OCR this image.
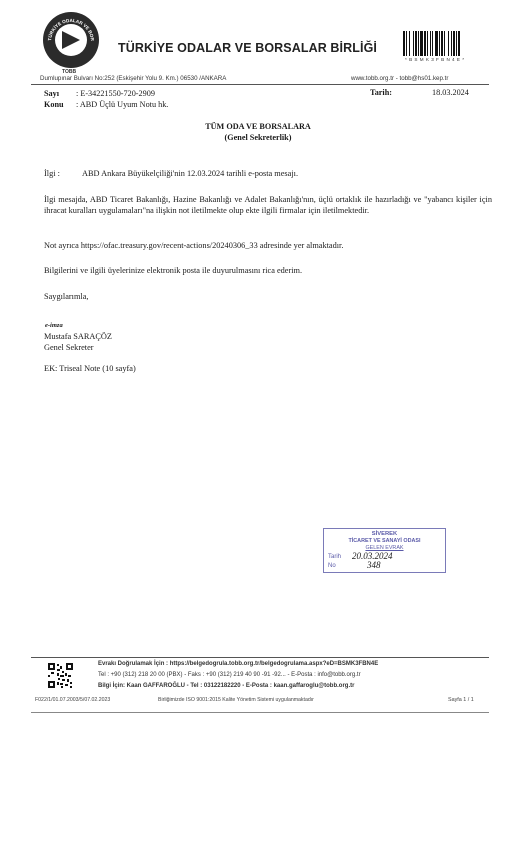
TÜRKİYE ODALAR VE BOR
TOBB
TÜRKİYE ODALAR VE BORSALAR BİRLİĞİ
* B S M K 3 F B N 4 E *
Dumlupınar Bulvarı No:252 (Eskişehir Yolu 9. Km.) 06530 /ANKARA	www.tobb.org.tr - tobb@hs01.kep.tr
Sayı : E-34221550-720-2909	Tarih:	18.03.2024
Konu : ABD Üçlü Uyum Notu hk.
TÜM ODA VE BORSALARA
(Genel Sekreterlik)
İlgi :	ABD Ankara Büyükelçiliği'nin 12.03.2024 tarihli e-posta mesajı.
İlgi mesajda, ABD Ticaret Bakanlığı, Hazine Bakanlığı ve Adalet Bakanlığı'nın, üçlü ortaklık ile hazırladığı ve "yabancı kişiler için ihracat kuralları uygulamaları"na ilişkin not iletilmekte olup ekte ilgili firmalar için iletilmektedir.
Not ayrıca https://ofac.treasury.gov/recent-actions/20240306_33 adresinde yer almaktadır.
Bilgilerini ve ilgili üyelerinize elektronik posta ile duyurulmasını rica ederim.
Saygılarımla,
e-imza
Mustafa SARAÇÖZ
Genel Sekreter
EK: Triseal Note (10 sayfa)
SİVEREK
TİCARET VE SANAYİ ODASI
GELEN EVRAK
Tarih 20.03.2024
No	348
Evrakı Doğrulamak İçin : https://belgedogrula.tobb.org.tr/belgedogrulama.aspx?eD=BSMK3FBN4E
Tel : +90 (312) 218 20 00 (PBX) - Faks : +90 (312) 219 40 90 -91 -92... - E-Posta : info@tobb.org.tr
Bilgi İçin: Kaan GAFFAROĞLU - Tel : 03122182220 - E-Posta : kaan.gaffaroglu@tobb.org.tr
F022/1/01.07.2003/5/07.02.2023	Birliğimizde ISO 9001:2015 Kalite Yönetim Sistemi uygulanmaktadır	Sayfa 1 / 1
